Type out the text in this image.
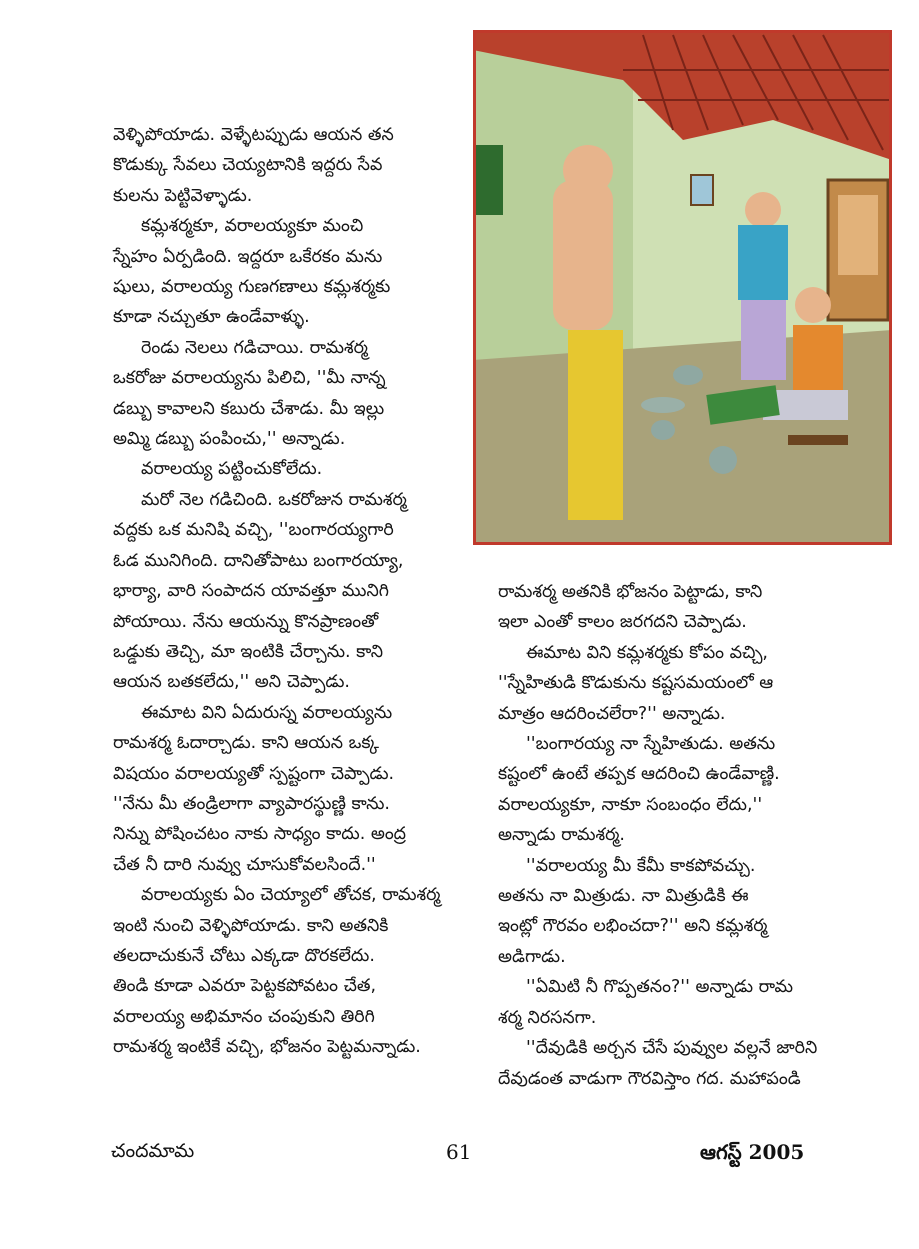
వెళ్ళిపోయాడు. వెళ్ళేటప్పుడు ఆయన తన

కొడుక్కు సేవలు చెయ్యటానికి ఇద్దరు సేవ

కులను పెట్టివెళ్ళాడు.

కమ్లశర్మకూ, వరాలయ్యకూ మంచి

స్నేహం ఏర్పడింది. ఇద్దరూ ఒకేరకం మను

షులు, వరాలయ్య గుణగణాలు కమ్లశర్మకు

కూడా నచ్చుతూ ఉండేవాళ్ళు.

రెండు నెలలు గడిచాయి. రామశర్మ

ఒకరోజు వరాలయ్యను పిలిచి, ''మీ నాన్న

డబ్బు కావాలని కబురు చేశాడు. మీ ఇల్లు

అమ్మి డబ్బు పంపించు,'' అన్నాడు.

వరాలయ్య పట్టించుకోలేదు.

మరో నెల గడిచింది. ఒకరోజున రామశర్మ

వద్దకు ఒక మనిషి వచ్చి, ''బంగారయ్యగారి

ఓడ మునిగింది. దానితోపాటు బంగారయ్యా,

భార్యా, వారి సంపాదన యావత్తూ మునిగి

పోయాయి. నేను ఆయన్ను కొనప్రాణంతో

ఒడ్డుకు తెచ్చి, మా ఇంటికి చేర్చాను. కాని

ఆయన బతకలేదు,'' అని చెప్పాడు.

ఈమాట విని ఏదురుస్న వరాలయ్యను

రామశర్మ ఓదార్చాడు. కాని ఆయన ఒక్క

విషయం వరాలయ్యతో స్పష్టంగా చెప్పాడు.

''నేను మీ తండ్రిలాగా వ్యాపారస్థుణ్ణి కాను.

నిన్ను పోషించటం నాకు సాధ్యం కాదు. అంద్ర

చేత నీ దారి నువ్వు చూసుకోవలసిందే.''

వరాలయ్యకు ఏం చెయ్యాలో తోచక, రామశర్మ

ఇంటి నుంచి వెళ్ళిపోయాడు. కాని అతనికి

తలదాచుకునే చోటు ఎక్కడా దొరకలేదు.

తిండి కూడా ఎవరూ పెట్టకపోవటం చేత,

వరాలయ్య అభిమానం చంపుకుని తిరిగి

రామశర్మ ఇంటికే వచ్చి, భోజనం పెట్టమన్నాడు.

రామశర్మ అతనికి భోజనం పెట్టాడు, కాని

ఇలా ఎంతో కాలం జరగదని చెప్పాడు.

ఈమాట విని కమ్లశర్మకు కోపం వచ్చి,

''స్నేహితుడి కొడుకును కష్టసమయంలో ఆ

మాత్రం ఆదరించలేరా?'' అన్నాడు.

''బంగారయ్య నా స్నేహితుడు. అతను

కష్టంలో ఉంటే తప్పక ఆదరించి ఉండేవాణ్ణి.

వరాలయ్యకూ, నాకూ సంబంధం లేదు,''

అన్నాడు రామశర్మ.

''వరాలయ్య మీ కేమీ కాకపోవచ్చు.

అతను నా మిత్రుడు. నా మిత్రుడికి ఈ

ఇంట్లో గౌరవం లభించదా?'' అని కమ్లశర్మ

అడిగాడు.

''ఏమిటి నీ గొప్పతనం?'' అన్నాడు రామ

శర్మ నిరసనగా.

''దేవుడికి అర్చన చేసే పువ్వుల వల్లనే జారిని

దేవుడంత వాడుగా గౌరవిస్తాం గద. మహాపండి

చందమామ	61	ఆగస్ట్ 2005
